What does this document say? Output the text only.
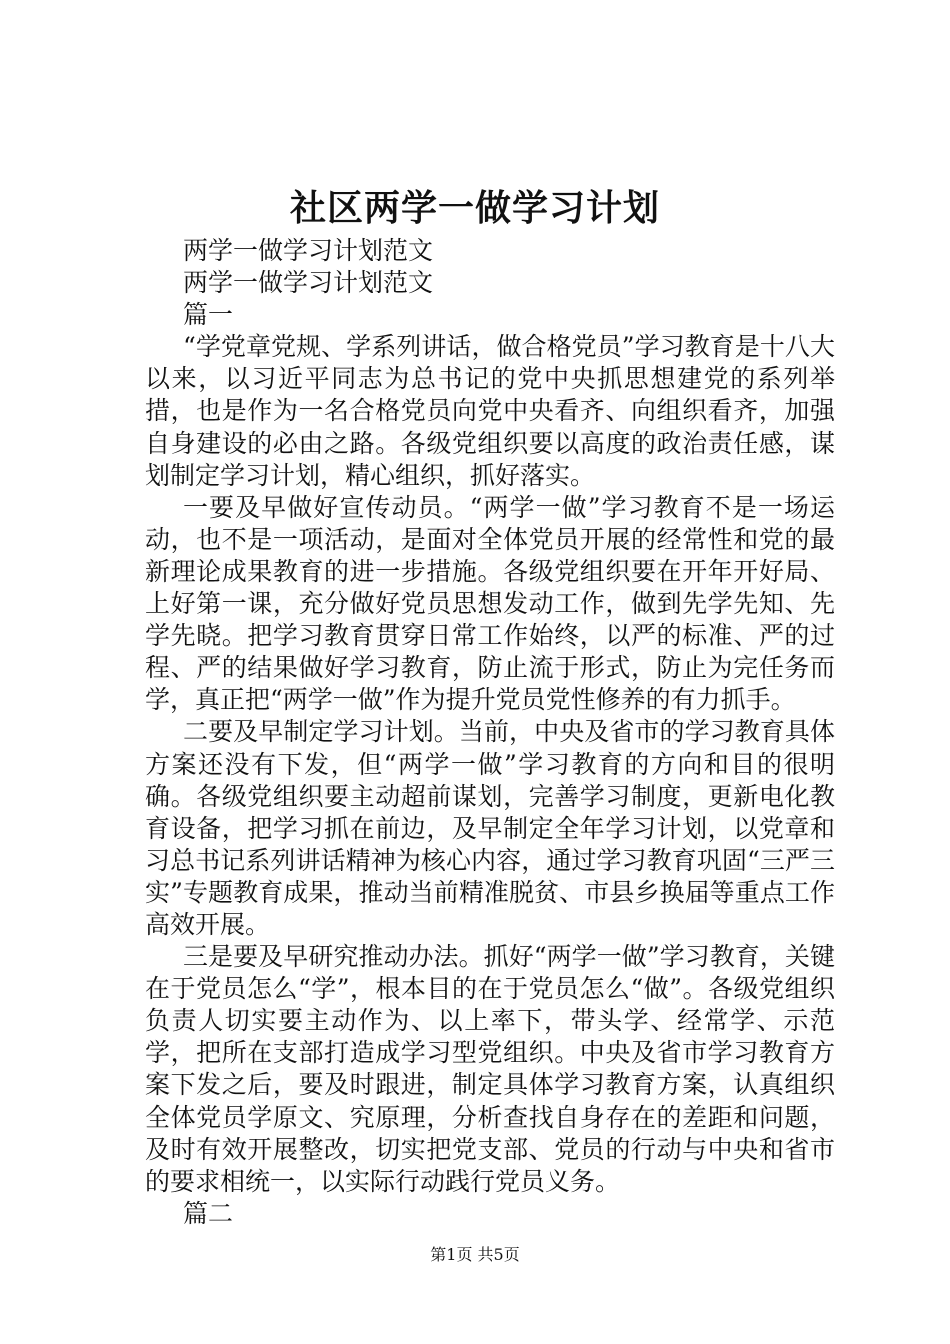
社区两学一做学习计划

两学一做学习计划范文

两学一做学习计划范文

篇一

“学党章党规、学系列讲话，做合格党员”学习教育是十八大以来，以习近平同志为总书记的党中央抓思想建党的系列举措，也是作为一名合格党员向党中央看齐、向组织看齐，加强自身建设的必由之路。各级党组织要以高度的政治责任感，谋划制定学习计划，精心组织，抓好落实。

一要及早做好宣传动员。“两学一做”学习教育不是一场运动，也不是一项活动，是面对全体党员开展的经常性和党的最新理论成果教育的进一步措施。各级党组织要在开年开好局、上好第一课，充分做好党员思想发动工作，做到先学先知、先学先晓。把学习教育贯穿日常工作始终，以严的标准、严的过程、严的结果做好学习教育，防止流于形式，防止为完任务而学，真正把“两学一做”作为提升党员党性修养的有力抓手。

二要及早制定学习计划。当前，中央及省市的学习教育具体方案还没有下发，但“两学一做”学习教育的方向和目的很明确。各级党组织要主动超前谋划，完善学习制度，更新电化教育设备，把学习抓在前边，及早制定全年学习计划，以党章和习总书记系列讲话精神为核心内容，通过学习教育巩固“三严三实”专题教育成果，推动当前精准脱贫、市县乡换届等重点工作高效开展。

三是要及早研究推动办法。抓好“两学一做”学习教育，关键在于党员怎么“学”，根本目的在于党员怎么“做”。各级党组织负责人切实要主动作为、以上率下，带头学、经常学、示范学，把所在支部打造成学习型党组织。中央及省市学习教育方案下发之后，要及时跟进，制定具体学习教育方案，认真组织全体党员学原文、究原理，分析查找自身存在的差距和问题，及时有效开展整改，切实把党支部、党员的行动与中央和省市的要求相统一，以实际行动践行党员义务。

篇二

第1页 共5页
